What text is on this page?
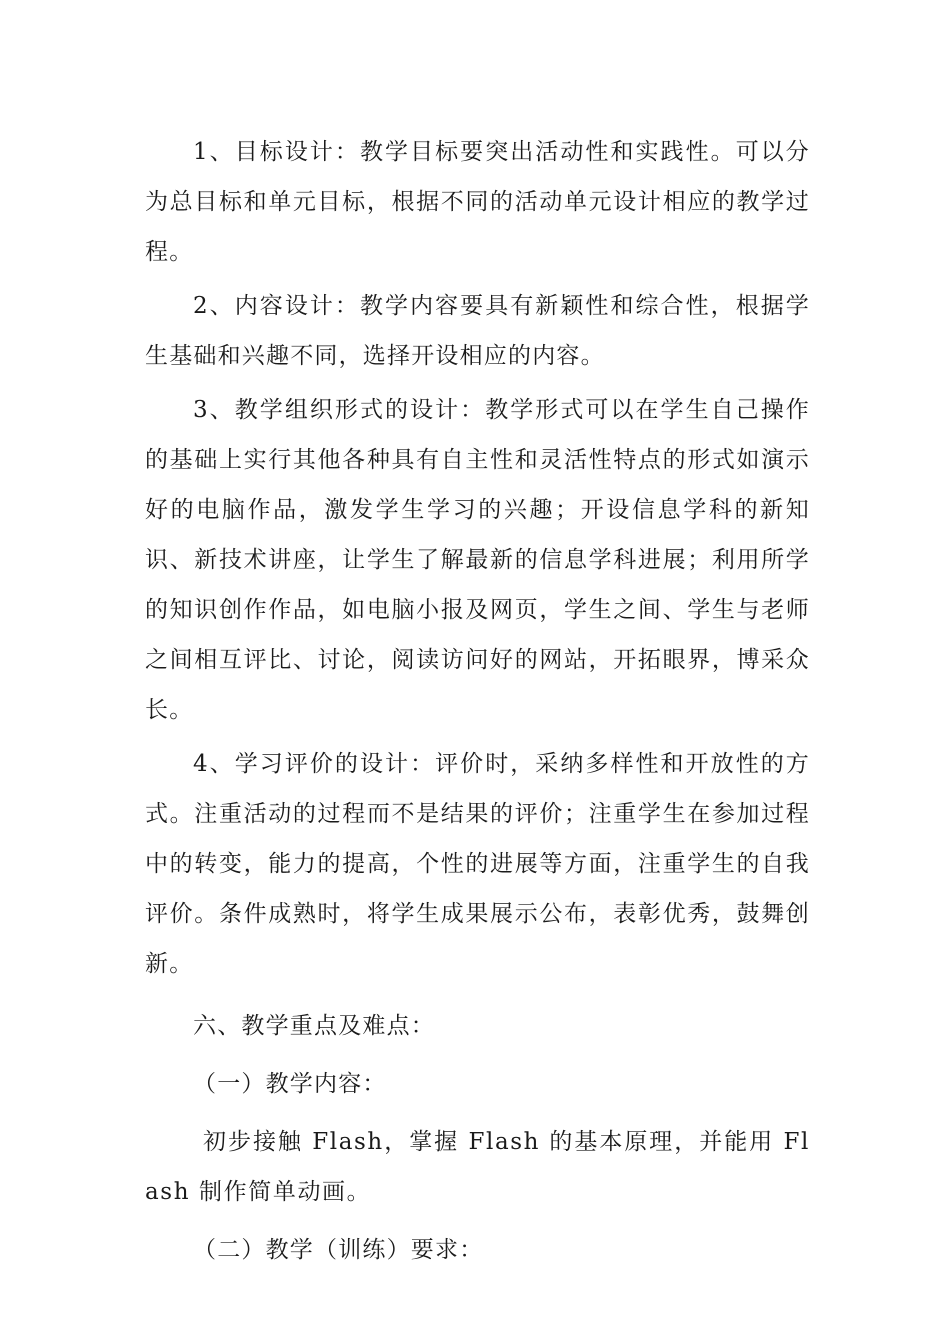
1、目标设计：教学目标要突出活动性和实践性。可以分为总目标和单元目标，根据不同的活动单元设计相应的教学过程。

2、内容设计：教学内容要具有新颖性和综合性，根据学生基础和兴趣不同，选择开设相应的内容。

3、教学组织形式的设计：教学形式可以在学生自己操作的基础上实行其他各种具有自主性和灵活性特点的形式如演示好的电脑作品，激发学生学习的兴趣；开设信息学科的新知识、新技术讲座，让学生了解最新的信息学科进展；利用所学的知识创作作品，如电脑小报及网页，学生之间、学生与老师之间相互评比、讨论，阅读访问好的网站，开拓眼界，博采众长。

4、学习评价的设计：评价时，采纳多样性和开放性的方式。注重活动的过程而不是结果的评价；注重学生在参加过程中的转变，能力的提高，个性的进展等方面，注重学生的自我评价。条件成熟时，将学生成果展示公布，表彰优秀，鼓舞创新。

六、教学重点及难点：

（一）教学内容：

初步接触 Flash，掌握 Flash 的基本原理，并能用 Flash 制作简单动画。

（二）教学（训练）要求：
